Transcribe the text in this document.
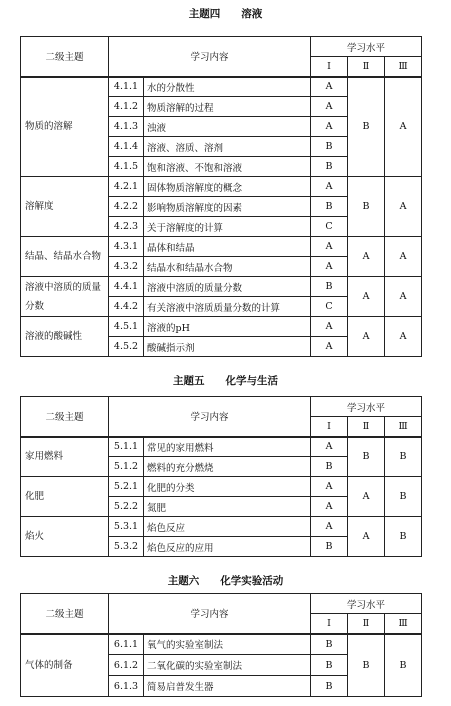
主题四　　溶液
二级主题	学习内容		学习水平		
			Ⅰ	Ⅱ	Ⅲ
物质的溶解	4.1.1	水的分散性	A	B	A
	4.1.2	物质溶解的过程	A		
	4.1.3	浊液	A		
	4.1.4	溶液、溶质、溶剂	B		
	4.1.5	饱和溶液、不饱和溶液	B		
溶解度	4.2.1	固体物质溶解度的概念	A	B	A
	4.2.2	影响物质溶解度的因素	B		
	4.2.3	关于溶解度的计算	C		
结晶、结晶水合物	4.3.1	晶体和结晶	A	A	A
	4.3.2	结晶水和结晶水合物	A		
溶液中溶质的质量分数	4.4.1	溶液中溶质的质量分数	B	A	A
	4.4.2	有关溶液中溶质质量分数的计算	C		
溶液的酸碱性	4.5.1	溶液的pH	A	A	A
	4.5.2	酸碱指示剂	A		
主题五　　化学与生活
二级主题	学习内容		学习水平		
			Ⅰ	Ⅱ	Ⅲ
家用燃料	5.1.1	常见的家用燃料	A	B	B
	5.1.2	燃料的充分燃烧	B		
化肥	5.2.1	化肥的分类	A	A	B
	5.2.2	氮肥	A		
焰火	5.3.1	焰色反应	A	A	B
	5.3.2	焰色反应的应用	B		
主题六　　化学实验活动
二级主题	学习内容		学习水平		
			Ⅰ	Ⅱ	Ⅲ
气体的制备	6.1.1	氧气的实验室制法	B	B	B
	6.1.2	二氧化碳的实验室制法	B		
	6.1.3	简易启普发生器	B		
